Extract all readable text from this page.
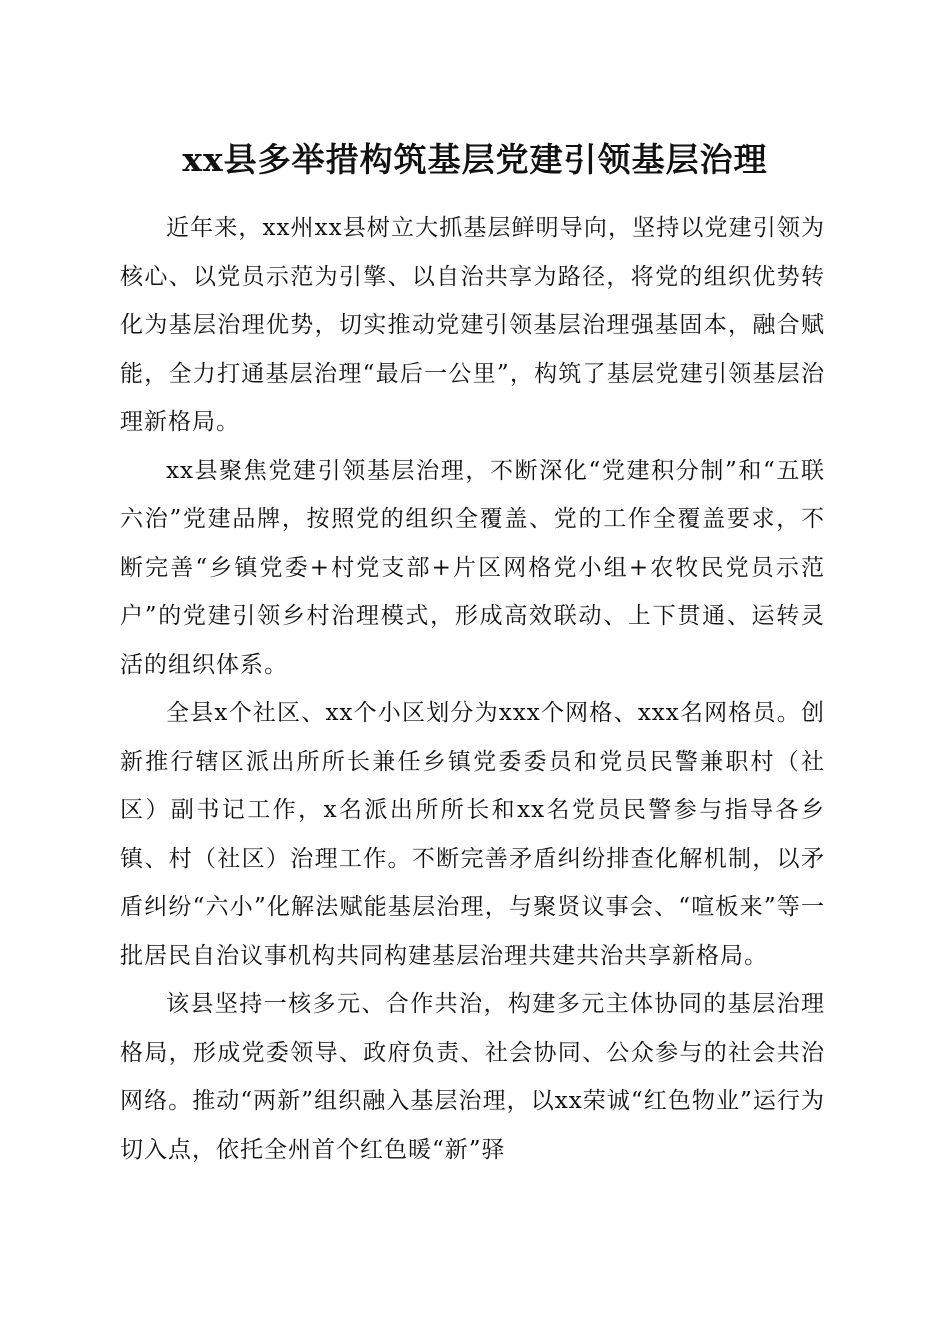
xx县多举措构筑基层党建引领基层治理

近年来，xx州xx县树立大抓基层鲜明导向，坚持以党建引领为核心、以党员示范为引擎、以自治共享为路径，将党的组织优势转化为基层治理优势，切实推动党建引领基层治理强基固本，融合赋能，全力打通基层治理“最后一公里”，构筑了基层党建引领基层治理新格局。

xx县聚焦党建引领基层治理，不断深化“党建积分制”和“五联六治”党建品牌，按照党的组织全覆盖、党的工作全覆盖要求，不断完善“乡镇党委+村党支部+片区网格党小组+农牧民党员示范户”的党建引领乡村治理模式，形成高效联动、上下贯通、运转灵活的组织体系。

全县x个社区、xx个小区划分为xxx个网格、xxx名网格员。创新推行辖区派出所所长兼任乡镇党委委员和党员民警兼职村（社区）副书记工作，x名派出所所长和xx名党员民警参与指导各乡镇、村（社区）治理工作。不断完善矛盾纠纷排查化解机制，以矛盾纠纷“六小”化解法赋能基层治理，与聚贤议事会、“喧板来”等一批居民自治议事机构共同构建基层治理共建共治共享新格局。

该县坚持一核多元、合作共治，构建多元主体协同的基层治理格局，形成党委领导、政府负责、社会协同、公众参与的社会共治网络。推动“两新”组织融入基层治理，以xx荣诚“红色物业”运行为切入点，依托全州首个红色暖“新”驿
